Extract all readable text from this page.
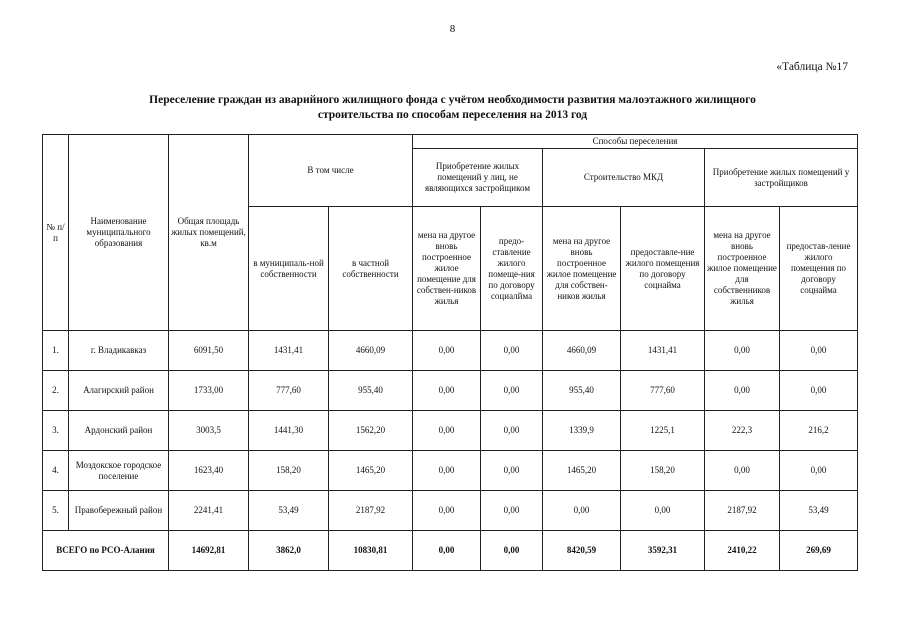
8
«Таблица №17
Переселение граждан из аварийного жилищного фонда с учётом необходимости развития малоэтажного жилищного
строительства по способам переселения на 2013 год
№ п/п	Наименование муниципального образования	Общая площадь жилых помещений, кв.м	В том числе		Способы переселения					
					Приобретение жилых помещений у лиц, не являющихся застройщиком		Строительство МКД		Приобретение жилых помещений у застройщиков	
			в муниципаль-ной собственности	в частной собственности	мена на другое вновь построенное жилое помещение для собствен-ников жилья	предо-ставление жилого помеще-ния по договору социалйма	мена на другое вновь построенное жилое помещение для собствен-ников жилья	предоставле-ние жилого помещения по договору соцнайма	мена на другое вновь построенное жилое помещение для собственников жилья	предостав-ление жилого помещения по договору соцнайма
1.	г. Владикавказ	6091,50	1431,41	4660,09	0,00	0,00	4660,09	1431,41	0,00	0,00
2.	Алагирский район	1733,00	777,60	955,40	0,00	0,00	955,40	777,60	0,00	0,00
3.	Ардонский район	3003,5	1441,30	1562,20	0,00	0,00	1339,9	1225,1	222,3	216,2
4.	Моздокское городское поселение	1623,40	158,20	1465,20	0,00	0,00	1465,20	158,20	0,00	0,00
5.	Правобережный район	2241,41	53,49	2187,92	0,00	0,00	0,00	0,00	2187,92	53,49
ВСЕГО по РСО-Алания		14692,81	3862,0	10830,81	0,00	0,00	8420,59	3592,31	2410,22	269,69
